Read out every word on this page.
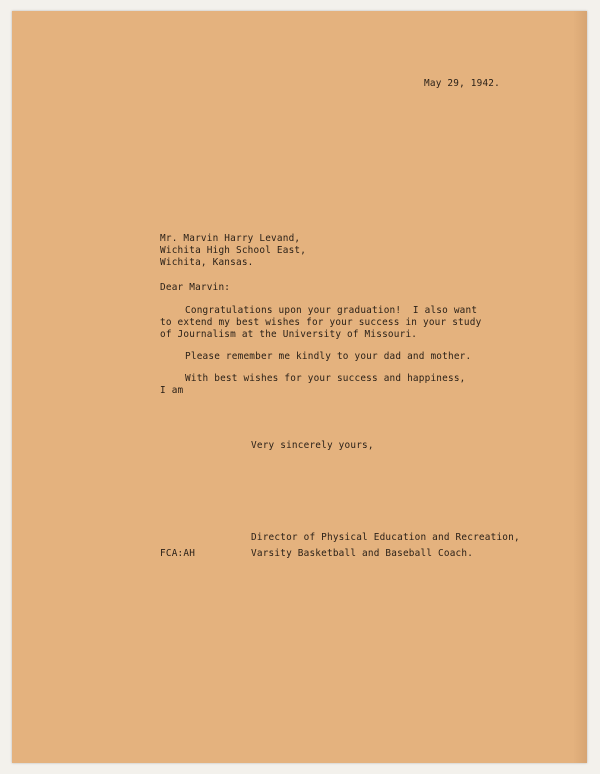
May 29, 1942.
Mr. Marvin Harry Levand,
Wichita High School East,
Wichita, Kansas.
Dear Marvin:
Congratulations upon your graduation!  I also want
to extend my best wishes for your success in your study
of Journalism at the University of Missouri.
Please remember me kindly to your dad and mother.
With best wishes for your success and happiness,
I am
Very sincerely yours,
Director of Physical Education and Recreation,
FCA:AH	Varsity Basketball and Baseball Coach.
